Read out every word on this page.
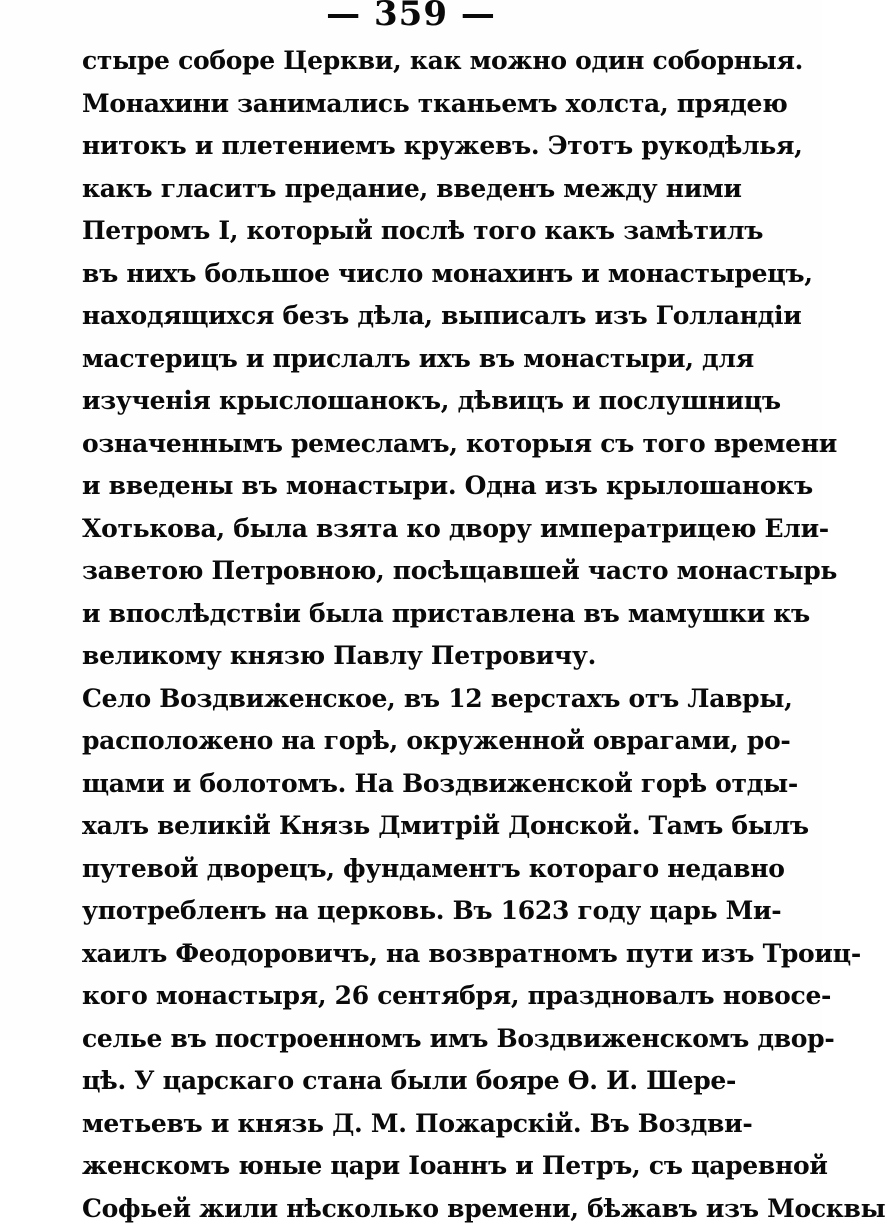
— 359 —
стыре соборе Церкви, как можно один соборныя.
Монахини занимались тканьемъ холста, прядею
нитокъ и плетениемъ кружевъ. Этотъ рукодѣлья,
какъ гласитъ предание, введенъ между ними
Петромъ I, который послѣ того какъ замѣтилъ
въ нихъ большое число монахинъ и монастырецъ,
находящихся безъ дѣла, выписалъ изъ Голландіи
мастерицъ и прислалъ ихъ въ монастыри, для
изученія крыслошанокъ, дѣвицъ и послушницъ
означеннымъ ремесламъ, которыя съ того времени
и введены въ монастыри. Одна изъ крылошанокъ
Хотькова, была взята ко двору императрицею Ели-
заветою Петровною, посѣщавшей часто монастырь
и впослѣдствіи была приставлена въ мамушки къ
великому князю Павлу Петровичу.
Село Воздвиженское, въ 12 верстахъ отъ Лавры,
расположено на горѣ, окруженной оврагами, ро-
щами и болотомъ. На Воздвиженской горѣ отды-
халъ великій Князь Дмитрій Донской. Тамъ былъ
путевой дворецъ, фундаментъ котораго недавно
употребленъ на церковь. Въ 1623 году царь Ми-
хаилъ Феодоровичъ, на возвратномъ пути изъ Троиц-
кого монастыря, 26 сентября, праздновалъ новосе-
селье въ построенномъ имъ Воздвиженскомъ двор-
цѣ. У царскаго стана были бояре Ѳ. И. Шере-
метьевъ и князь Д. М. Пожарскій. Въ Воздви-
женскомъ юные цари Іоаннъ и Петръ, съ царевной
Софьей жили нѣсколько времени, бѣжавъ изъ Москвы
